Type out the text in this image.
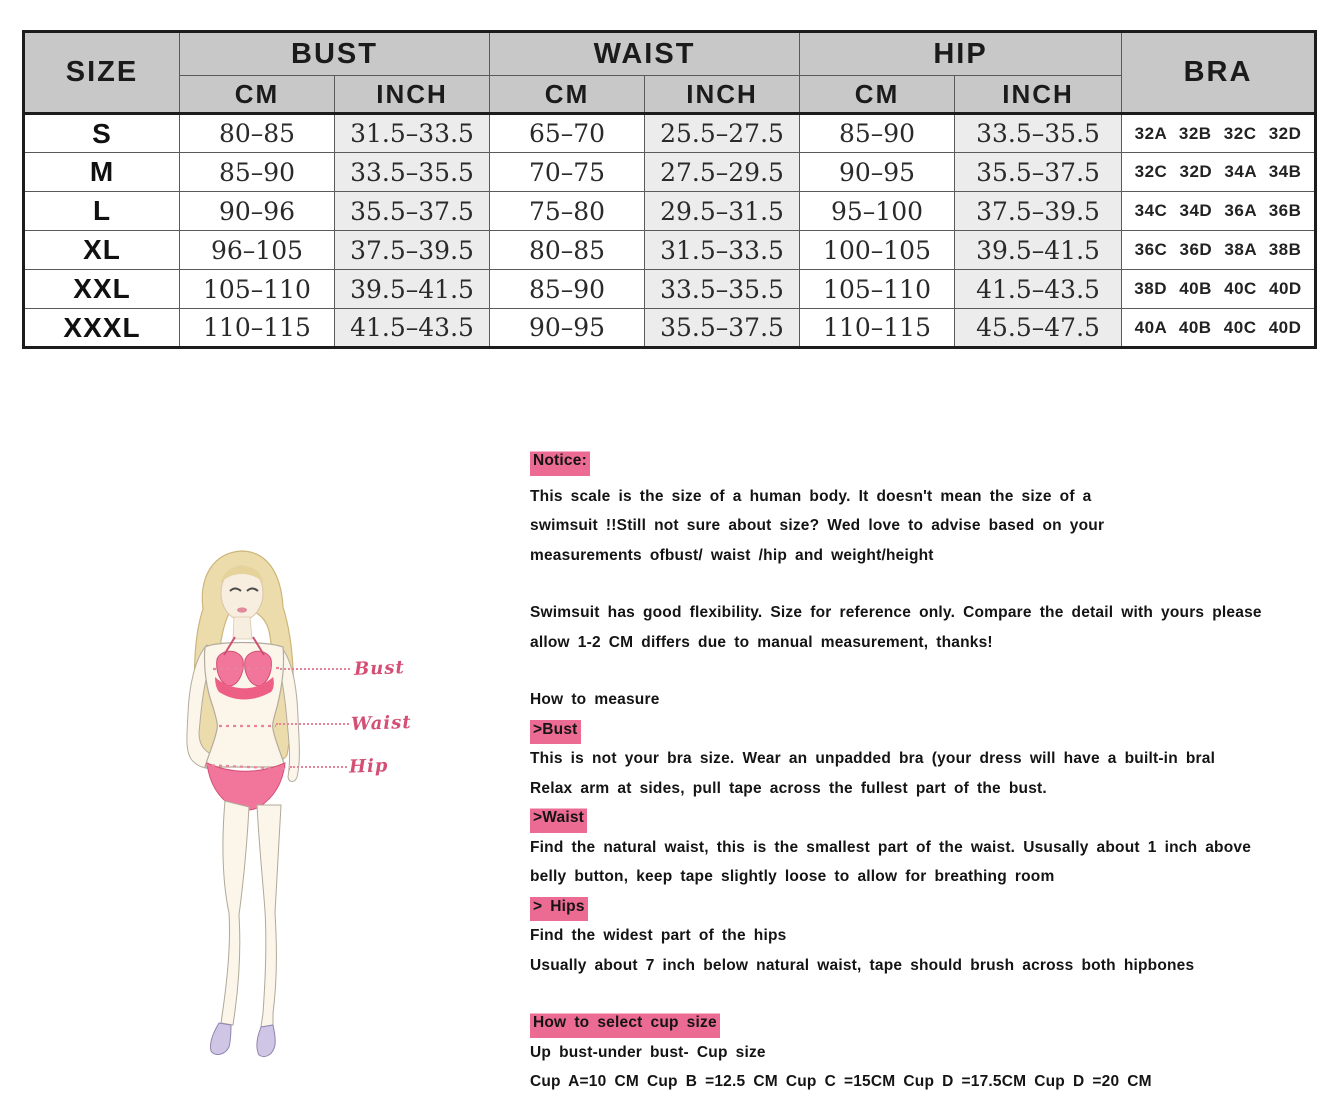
SIZE	BUST		WAIST		HIP		BRA
	CM	INCH	CM	INCH	CM	INCH	
S	80–85	31.5–33.5	65–70	25.5–27.5	85–90	33.5–35.5	32A 32B 32C 32D
M	85–90	33.5–35.5	70–75	27.5–29.5	90–95	35.5–37.5	32C 32D 34A 34B
L	90–96	35.5–37.5	75–80	29.5–31.5	95–100	37.5–39.5	34C 34D 36A 36B
XL	96–105	37.5–39.5	80–85	31.5–33.5	100–105	39.5–41.5	36C 36D 38A 38B
XXL	105–110	39.5–41.5	85–90	33.5–35.5	105–110	41.5–43.5	38D 40B 40C 40D
XXXL	110–115	41.5–43.5	90–95	35.5–37.5	110–115	45.5–47.5	40A 40B 40C 40D
Bust
Waist
Hip
Notice:
This scale is the size of a human body. It doesn't mean the size of a
swimsuit !!Still not sure about size? Wed love to advise based on your
measurements ofbust/ waist /hip and weight/height
Swimsuit has good flexibility. Size for reference only. Compare the detail with yours please
allow 1-2 CM differs due to manual measurement, thanks!
How to measure
>Bust
This is not your bra size. Wear an unpadded bra (your dress will have a built-in bral
Relax arm at sides, pull tape across the fullest part of the bust.
>Waist
Find the natural waist, this is the smallest part of the waist. Ususally about 1 inch above
belly button, keep tape slightly loose to allow for breathing room
> Hips
Find the widest part of the hips
Usually about 7 inch below natural waist, tape should brush across both hipbones
How to select cup size
Up bust-under bust- Cup size
Cup A=10 CM Cup B =12.5 CM Cup C =15CM Cup D =17.5CM Cup D =20 CM
